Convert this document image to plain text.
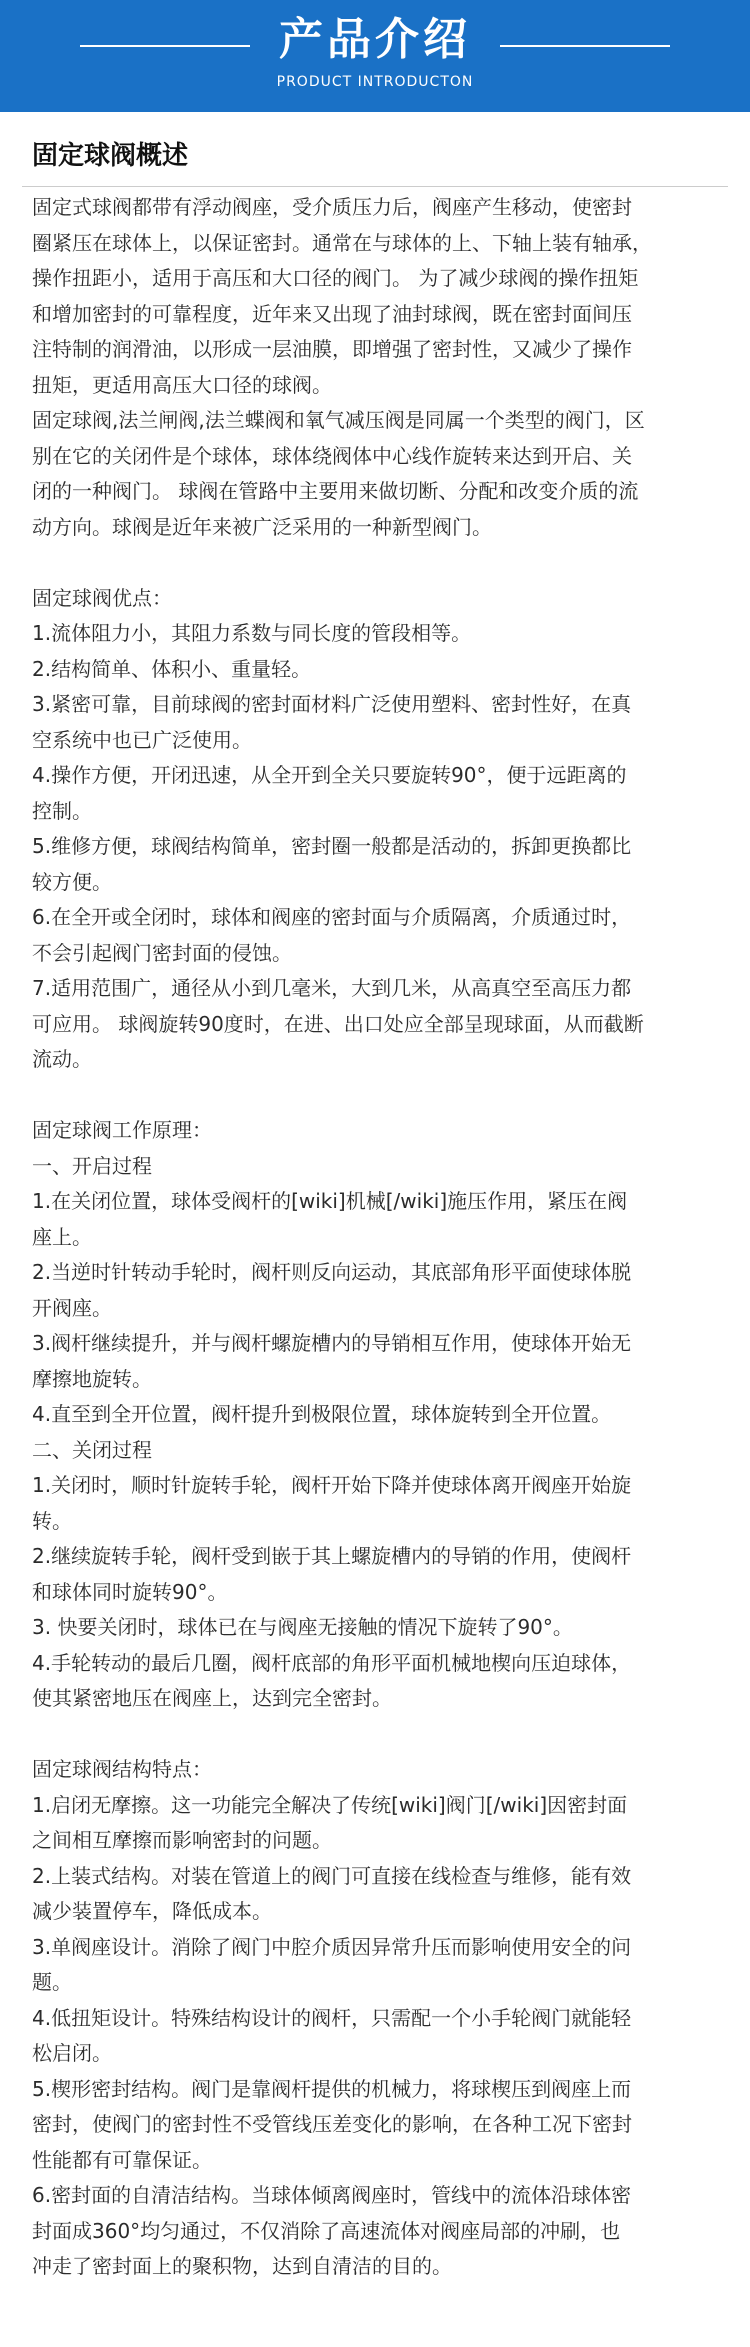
产品介绍
PRODUCT INTRODUCTON
固定球阀概述
固定式球阀都带有浮动阀座，受介质压力后，阀座产生移动，使密封
圈紧压在球体上，以保证密封。通常在与球体的上、下轴上装有轴承，
操作扭距小，适用于高压和大口径的阀门。 为了减少球阀的操作扭矩
和增加密封的可靠程度，近年来又出现了油封球阀，既在密封面间压
注特制的润滑油，以形成一层油膜，即增强了密封性，又减少了操作
扭矩，更适用高压大口径的球阀。
固定球阀,法兰闸阀,法兰蝶阀和氧气减压阀是同属一个类型的阀门，区
别在它的关闭件是个球体，球体绕阀体中心线作旋转来达到开启、关
闭的一种阀门。 球阀在管路中主要用来做切断、分配和改变介质的流
动方向。球阀是近年来被广泛采用的一种新型阀门。
固定球阀优点：
1.流体阻力小，其阻力系数与同长度的管段相等。
2.结构简单、体积小、重量轻。
3.紧密可靠，目前球阀的密封面材料广泛使用塑料、密封性好，在真
空系统中也已广泛使用。
4.操作方便，开闭迅速，从全开到全关只要旋转90°，便于远距离的
控制。
5.维修方便，球阀结构简单，密封圈一般都是活动的，拆卸更换都比
较方便。
6.在全开或全闭时，球体和阀座的密封面与介质隔离，介质通过时，
不会引起阀门密封面的侵蚀。
7.适用范围广，通径从小到几毫米，大到几米，从高真空至高压力都
可应用。 球阀旋转90度时，在进、出口处应全部呈现球面，从而截断
流动。
固定球阀工作原理：
一、开启过程
1.在关闭位置，球体受阀杆的[wiki]机械[/wiki]施压作用，紧压在阀
座上。
2.当逆时针转动手轮时，阀杆则反向运动，其底部角形平面使球体脱
开阀座。
3.阀杆继续提升，并与阀杆螺旋槽内的导销相互作用，使球体开始无
摩擦地旋转。
4.直至到全开位置，阀杆提升到极限位置，球体旋转到全开位置。
二、关闭过程
1.关闭时，顺时针旋转手轮，阀杆开始下降并使球体离开阀座开始旋
转。
2.继续旋转手轮，阀杆受到嵌于其上螺旋槽内的导销的作用，使阀杆
和球体同时旋转90°。
3. 快要关闭时，球体已在与阀座无接触的情况下旋转了90°。
4.手轮转动的最后几圈，阀杆底部的角形平面机械地楔向压迫球体，
使其紧密地压在阀座上，达到完全密封。
固定球阀结构特点：
1.启闭无摩擦。这一功能完全解决了传统[wiki]阀门[/wiki]因密封面
之间相互摩擦而影响密封的问题。
2.上装式结构。对装在管道上的阀门可直接在线检查与维修，能有效
减少装置停车，降低成本。
3.单阀座设计。消除了阀门中腔介质因异常升压而影响使用安全的问
题。
4.低扭矩设计。特殊结构设计的阀杆，只需配一个小手轮阀门就能轻
松启闭。
5.楔形密封结构。阀门是靠阀杆提供的机械力，将球楔压到阀座上而
密封，使阀门的密封性不受管线压差变化的影响，在各种工况下密封
性能都有可靠保证。
6.密封面的自清洁结构。当球体倾离阀座时，管线中的流体沿球体密
封面成360°均匀通过，不仅消除了高速流体对阀座局部的冲刷，也
冲走了密封面上的聚积物，达到自清洁的目的。
